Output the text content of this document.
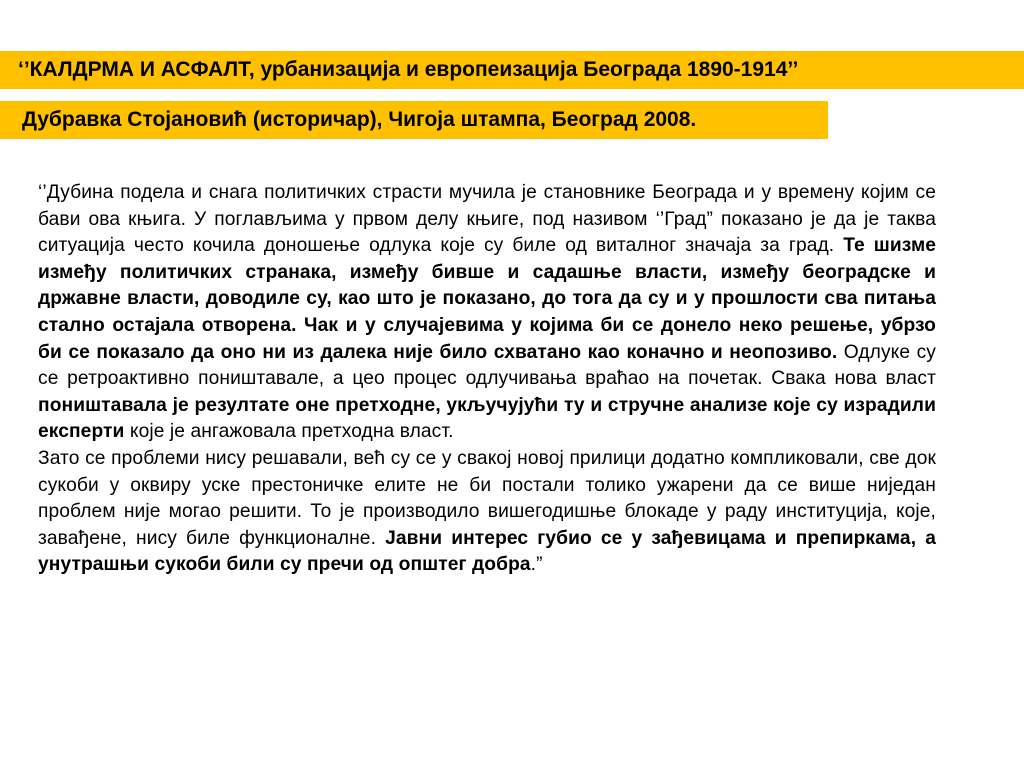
‘’КАЛДРМА И АСФАЛТ, урбанизација и европеизација Београда 1890-1914’’
Дубравка Стојановић (историчар), Чигоја штампа, Београд 2008.

‘’Дубина подела и снага политичких страсти мучила је становнике Београда и у времену којим се бави ова књига. У поглављима у првом делу књиге, под називом ‘’Град” показано је да је таква ситуација често кочила доношење одлука које су биле од виталног значаја за град. Те шизме између политичких странака, између бивше и садашње власти, између београдске и државне власти, доводиле су, као што је показано, до тога да су и у прошлости сва питања стално остајала отворена. Чак и у случајевима у којима би се донело неко решење, убрзо би се показало да оно ни из далека није било схватано као коначно и неопозиво. Одлуке су се ретроактивно поништавале, а цео процес одлучивања враћао на почетак. Свака нова власт поништавала је резултате оне претходне, укључујући ту и стручне анализе које су израдили експерти које је ангажовала претходна власт.

Зато се проблеми нису решавали, већ су се у свакој новој прилици додатно компликовали, све док сукоби у оквиру уске престоничке елите не би постали толико ужарени да се више ниједан проблем није могао решити. То је производило вишегодишње блокаде у раду институција, које, завађене, нису биле функционалне. Јавни интерес губио се у зађевицама и препиркама, а унутрашњи сукоби били су пречи од општег добра.”
